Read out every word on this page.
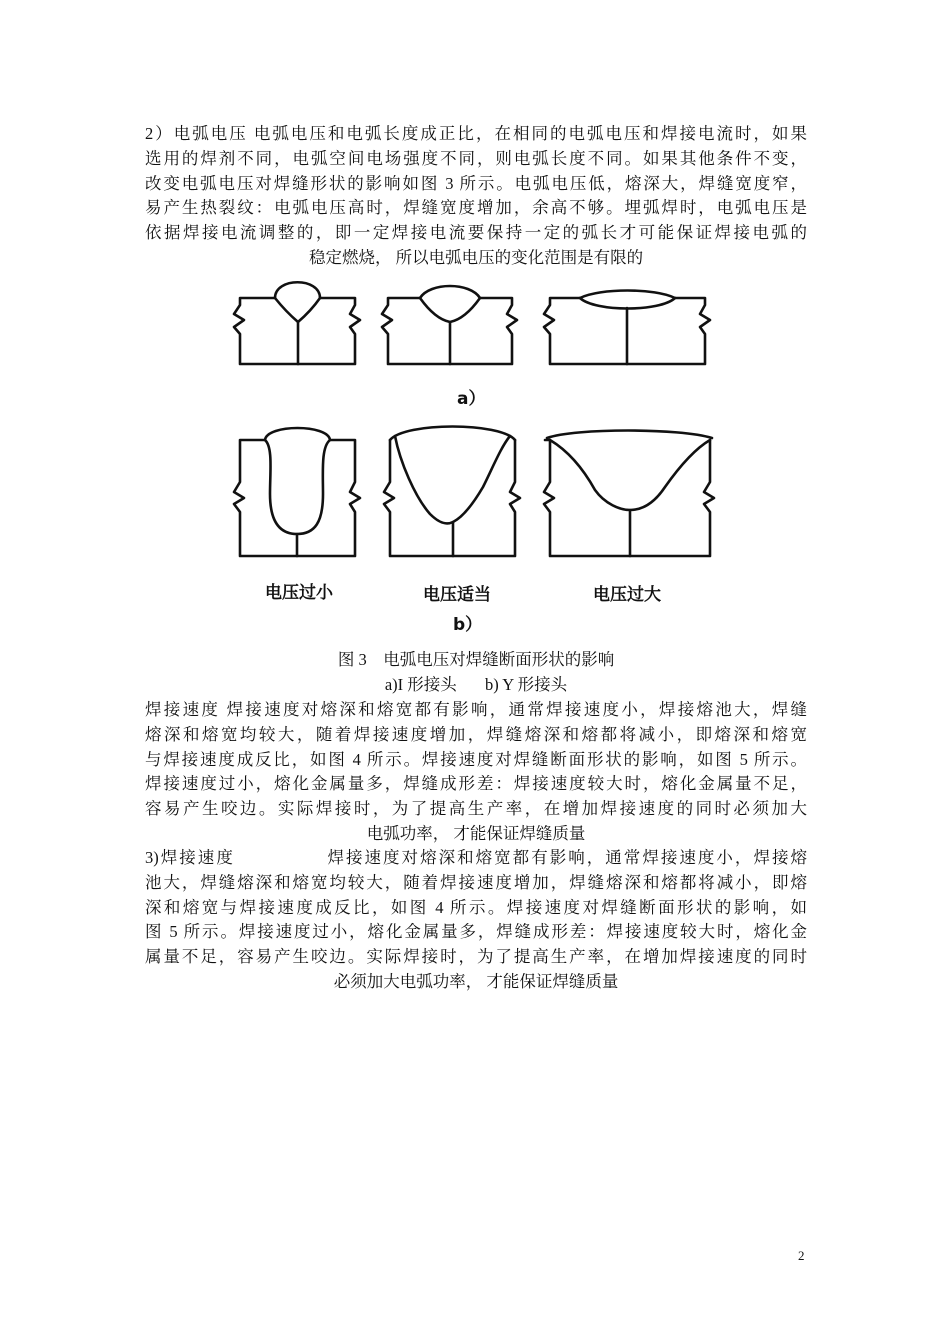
2）电弧电压 电弧电压和电弧长度成正比，在相同的电弧电压和焊接电流时，如果
选用的焊剂不同，电弧空间电场强度不同，则电弧长度不同。如果其他条件不变，
改变电弧电压对焊缝形状的影响如图 3 所示。电弧电压低，熔深大，焊缝宽度窄，
易产生热裂纹：电弧电压高时，焊缝宽度增加，余高不够。埋弧焊时，电弧电压是
依据焊接电流调整的，即一定焊接电流要保持一定的弧长才可能保证焊接电弧的
稳定燃烧， 所以电弧电压的变化范围是有限的
a）
电压过小	电压适当	电压过大
b）
图 3　电弧电压对焊缝断面形状的影响
a)I 形接头 b) Y 形接头
焊接速度 焊接速度对熔深和熔宽都有影响，通常焊接速度小，焊接熔池大，焊缝
熔深和熔宽均较大，随着焊接速度增加，焊缝熔深和熔都将减小，即熔深和熔宽
与焊接速度成反比，如图 4 所示。焊接速度对焊缝断面形状的影响，如图 5 所示。
焊接速度过小，熔化金属量多，焊缝成形差：焊接速度较大时，熔化金属量不足，
容易产生咬边。实际焊接时，为了提高生产率，在增加焊接速度的同时必须加大
电弧功率， 才能保证焊缝质量
3)焊接速度　　　　　焊接速度对熔深和熔宽都有影响，通常焊接速度小，焊接熔
池大，焊缝熔深和熔宽均较大，随着焊接速度增加，焊缝熔深和熔都将减小，即熔
深和熔宽与焊接速度成反比，如图 4 所示。焊接速度对焊缝断面形状的影响，如
图 5 所示。焊接速度过小，熔化金属量多，焊缝成形差：焊接速度较大时，熔化金
属量不足，容易产生咬边。实际焊接时，为了提高生产率，在增加焊接速度的同时
必须加大电弧功率， 才能保证焊缝质量
2
